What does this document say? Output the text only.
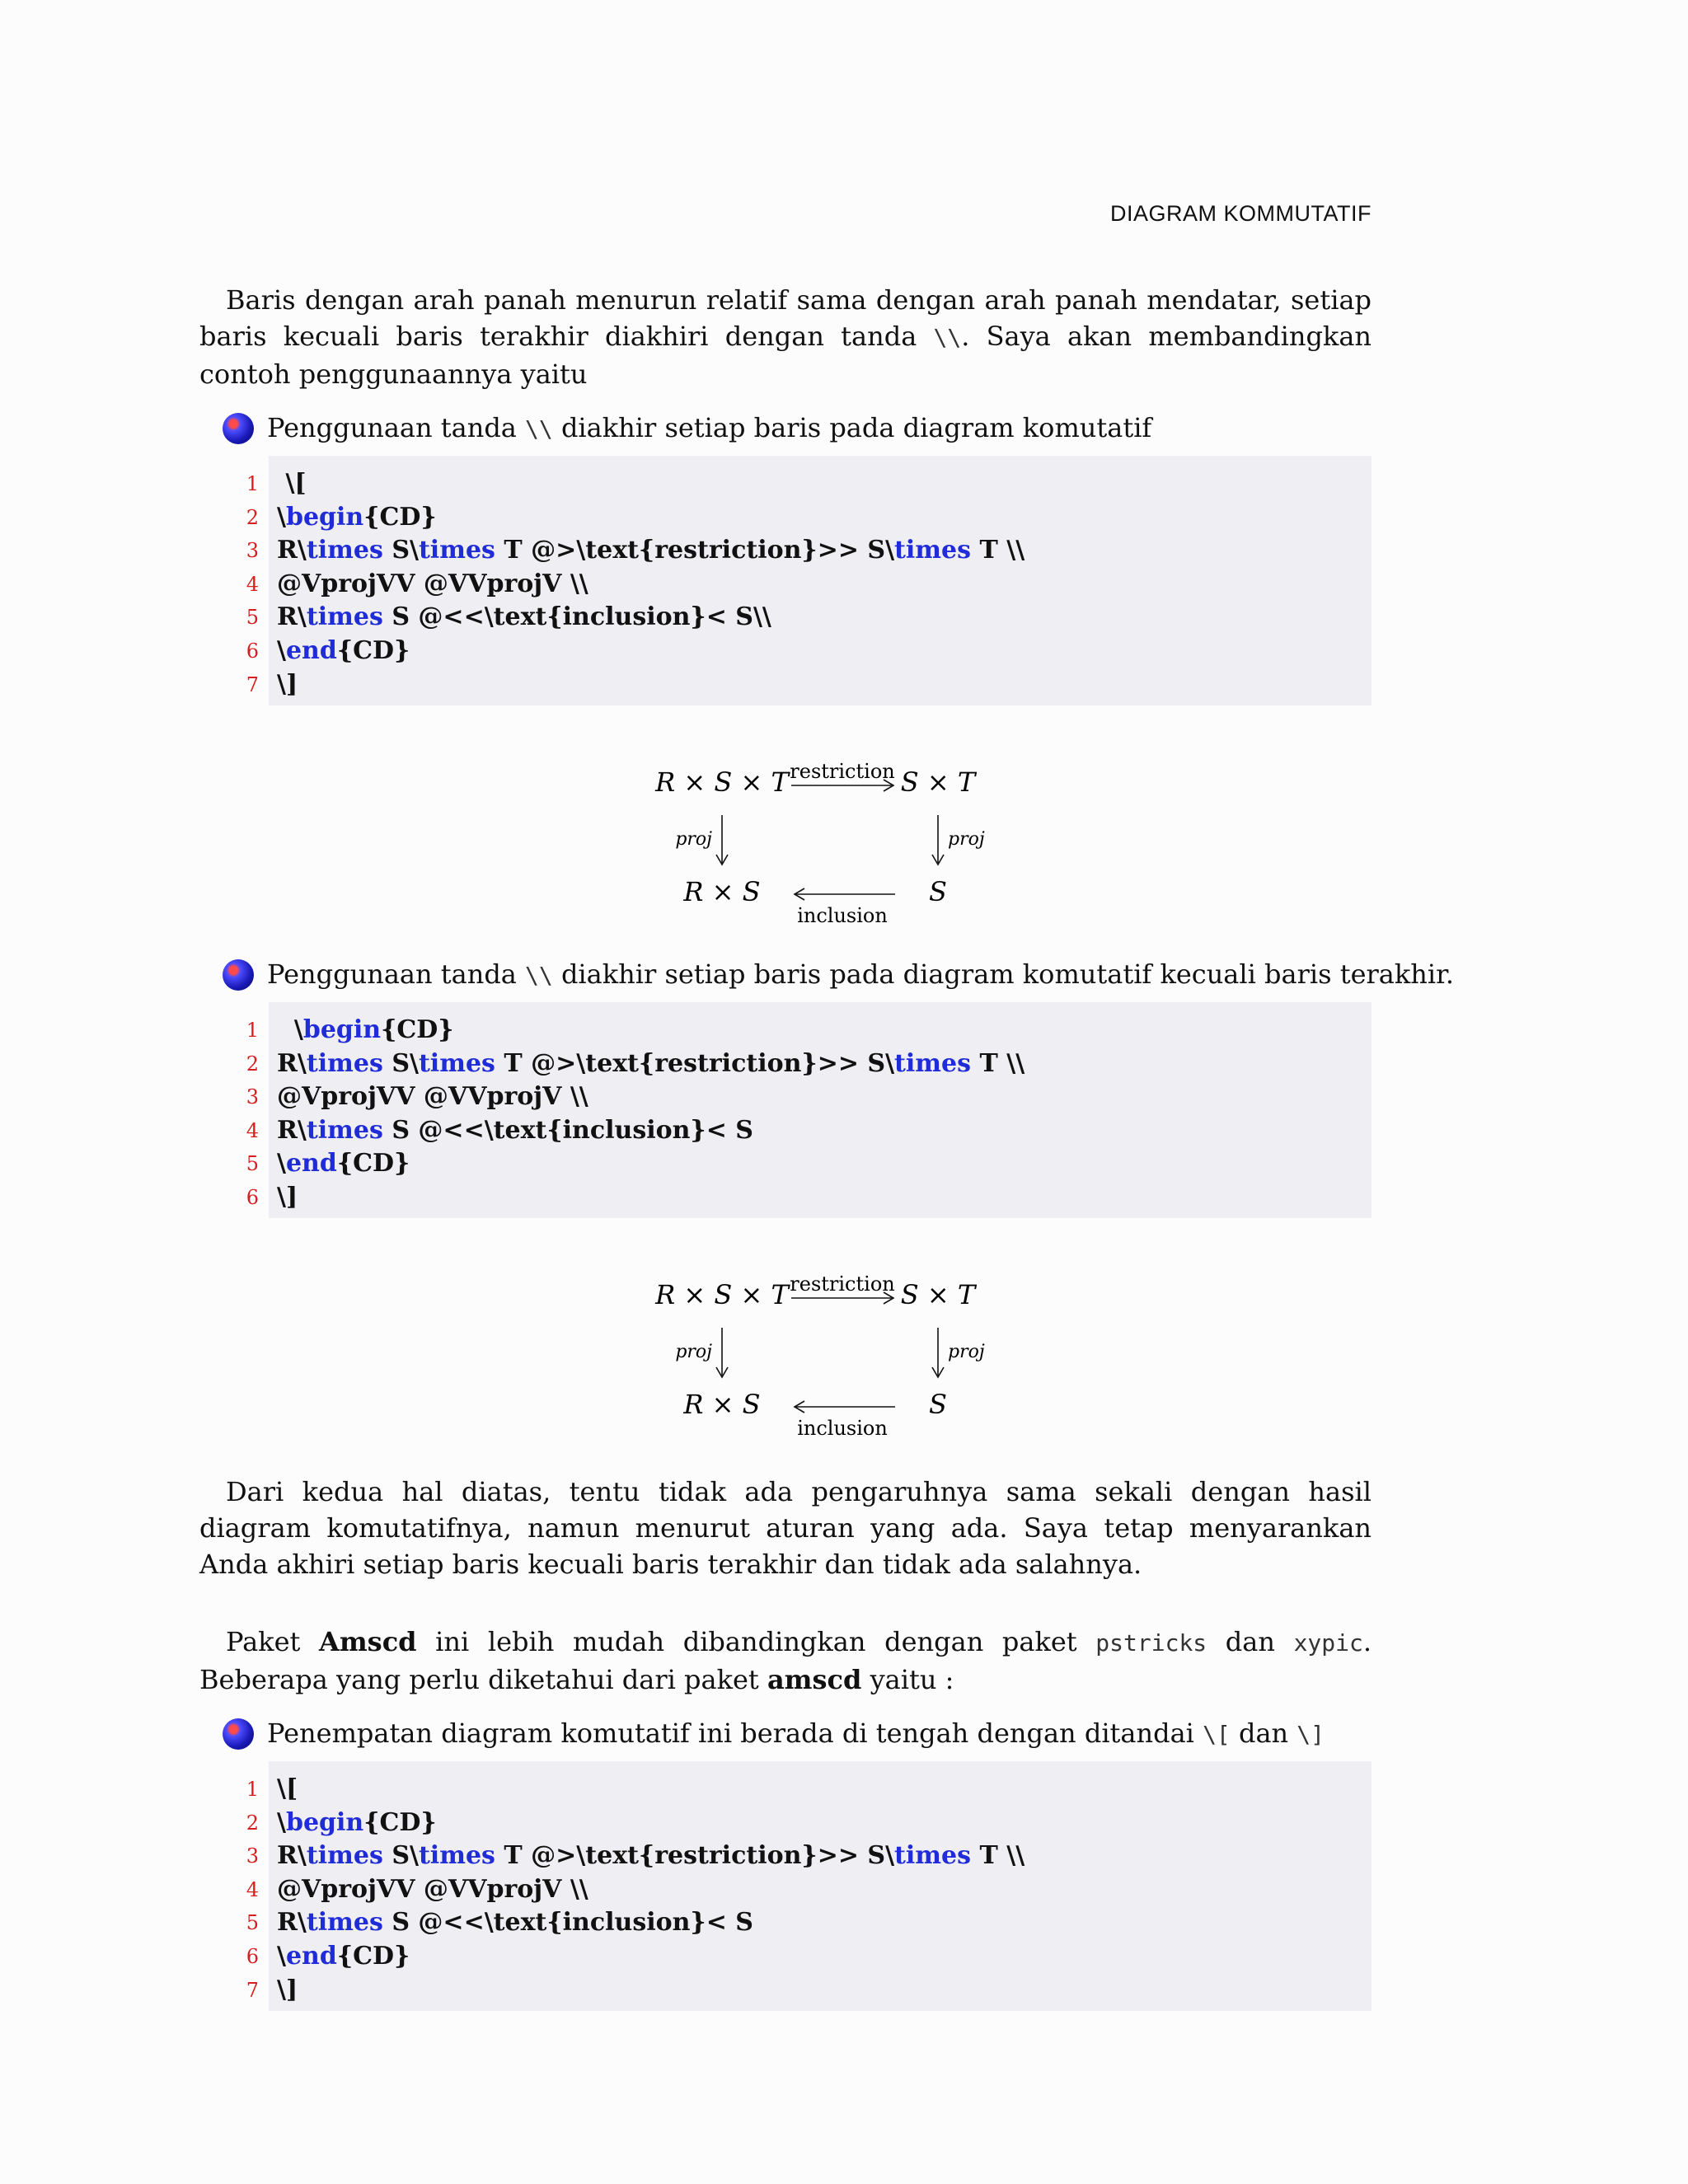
DIAGRAM KOMMUTATIF
Baris dengan arah panah menurun relatif sama dengan arah panah mendatar, setiap baris kecuali baris terakhir diakhiri dengan tanda \\. Saya akan membandingkan contoh penggunaannya yaitu
Penggunaan tanda \\ diakhir setiap baris pada diagram komutatif
1 \[
2 \begin{CD}
3 R\times S\times T @>\text{restriction}>> S\times T \\
4 @VprojVV @VVprojV \\
5 R\times S @<<\text{inclusion}< S\\
6 \end{CD}
7 \]
R × S × T restriction S × T
proj	proj
R × S
inclusion
S
Penggunaan tanda \\ diakhir setiap baris pada diagram komutatif kecuali baris terakhir.
1 \begin{CD}
2 R\times S\times T @>\text{restriction}>> S\times T \\
3 @VprojVV @VVprojV \\
4 R\times S @<<\text{inclusion}< S
5 \end{CD}
6 \]
R × S × T restriction S × T
proj	proj
R × S
inclusion
S
Dari kedua hal diatas, tentu tidak ada pengaruhnya sama sekali dengan hasil diagram komutatifnya, namun menurut aturan yang ada. Saya tetap menyarankan Anda akhiri setiap baris kecuali baris terakhir dan tidak ada salahnya.
Paket Amscd ini lebih mudah dibandingkan dengan paket pstricks dan xypic. Beberapa yang perlu diketahui dari paket amscd yaitu :
Penempatan diagram komutatif ini berada di tengah dengan ditandai \[ dan \]
1 \[
2 \begin{CD}
3 R\times S\times T @>\text{restriction}>> S\times T \\
4 @VprojVV @VVprojV \\
5 R\times S @<<\text{inclusion}< S
6 \end{CD}
7 \]
